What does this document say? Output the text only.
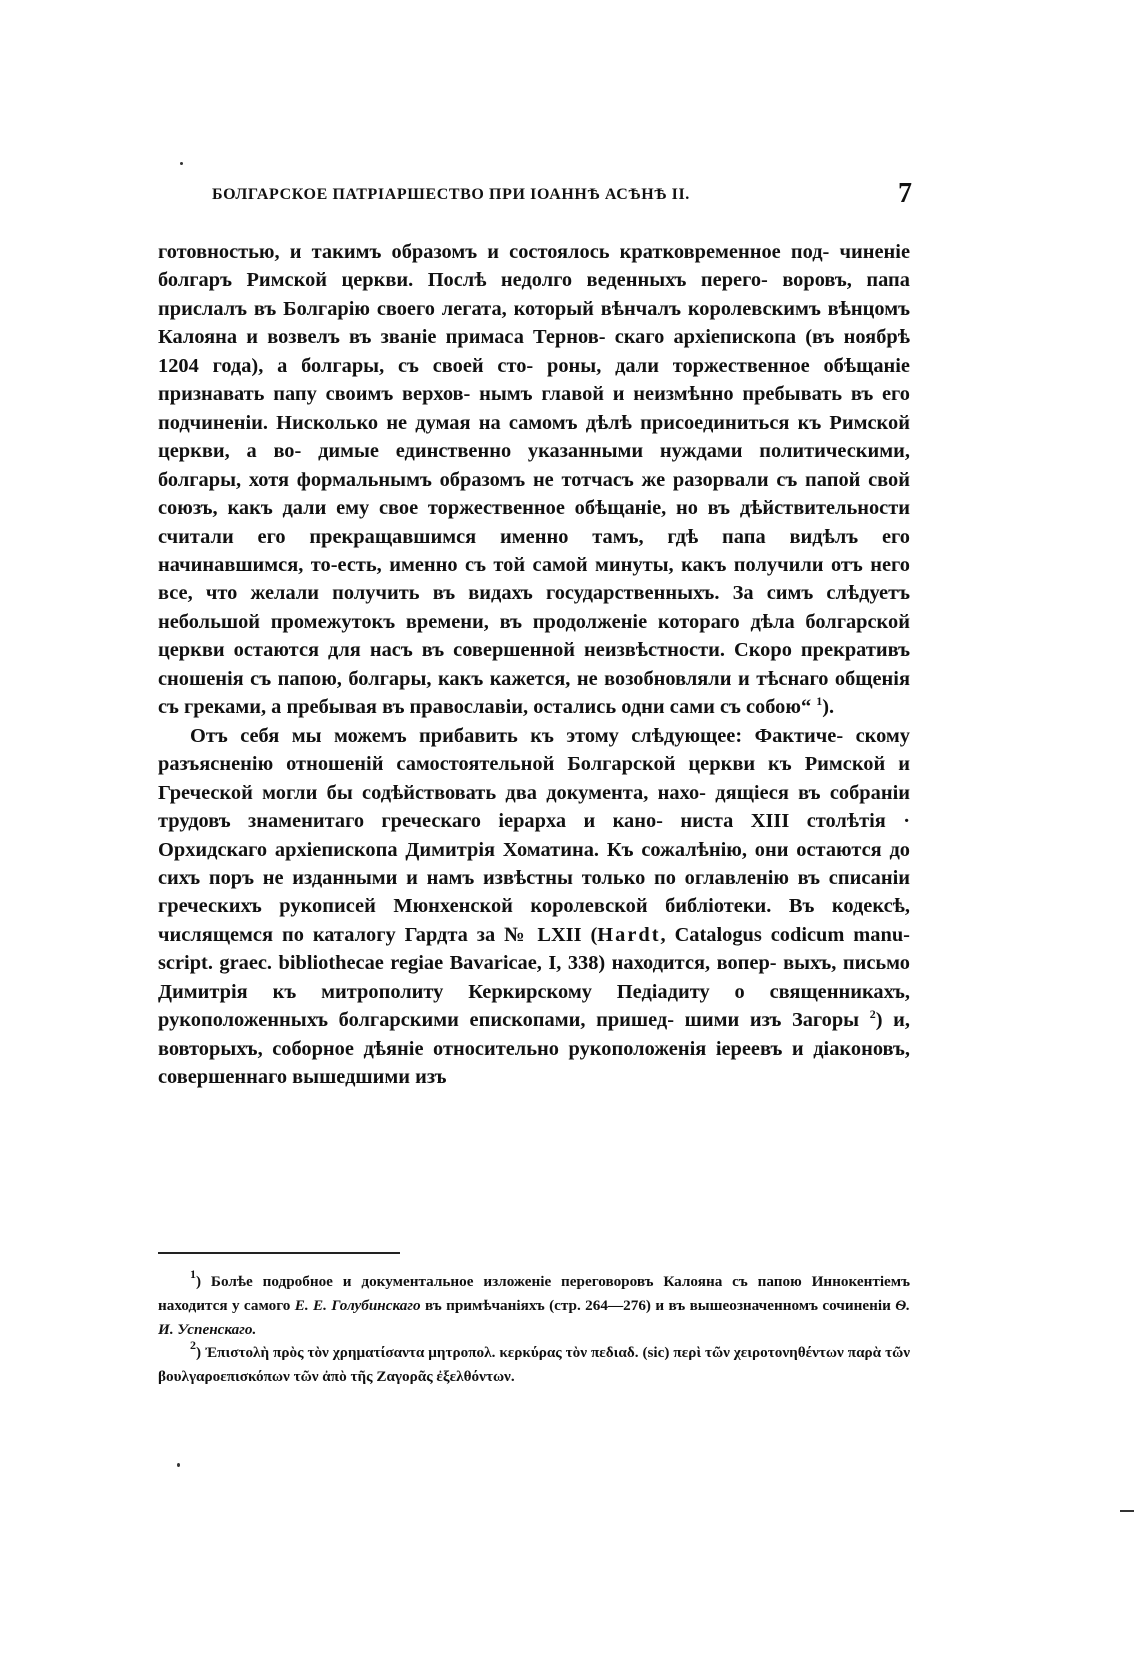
БОЛГАРСКОЕ ПАТРІАРШЕСТВО ПРИ ІОАННѢ АСѢНѢ II.	7

готовностью, и такимъ образомъ и состоялось кратковременное под- чиненіе болгаръ Римской церкви. Послѣ недолго веденныхъ перего- воровъ, папа прислалъ въ Болгарію своего легата, который вѣнчалъ королевскимъ вѣнцомъ Калояна и возвелъ въ званіе примаса Тернов- скаго архіепископа (въ ноябрѣ 1204 года), а болгары, съ своей сто- роны, дали торжественное обѣщаніе признавать папу своимъ верхов- нымъ главой и неизмѣнно пребывать въ его подчиненіи. Нисколько не думая на самомъ дѣлѣ присоединиться къ Римской церкви, а во- димые единственно указанными нуждами политическими, болгары, хотя формальнымъ образомъ не тотчасъ же разорвали съ папой свой союзъ, какъ дали ему свое торжественное обѣщаніе, но въ дѣйствительности считали его прекращавшимся именно тамъ, гдѣ папа видѣлъ его начинавшимся, то-есть, именно съ той самой минуты, какъ получили отъ него все, что желали получить въ видахъ государственныхъ. За симъ слѣдуетъ небольшой промежутокъ времени, въ продолженіе котораго дѣла болгарской церкви остаются для насъ въ совершенной неизвѣстности. Скоро прекративъ сношенія съ папою, болгары, какъ кажется, не возобновляли и тѣснаго общенія съ греками, а пребывая въ православіи, остались одни сами съ собою“ $^1$).

Отъ себя мы можемъ прибавить къ этому слѣдующее: Фактиче- скому разъясненію отношеній самостоятельной Болгарской церкви къ Римской и Греческой могли бы содѣйствовать два документа, нахо- дящіеся въ собраніи трудовъ знаменитаго греческаго іерарха и кано- ниста XIII столѣтія · Орхидскаго архіепископа Димитрія Хоматина. Къ сожалѣнію, они остаются до сихъ поръ не изданными и намъ извѣстны только по оглавленію въ списаніи греческихъ рукописей Мюнхенской королевской библіотеки. Въ кодексѣ, числящемся по каталогу Гардта за № LXII (Hardt, Catalogus codicum manu- script. graec. bibliothecae regiae Bavaricae, I, 338) находится, вопер- выхъ, письмо Димитрія къ митрополиту Керкирскому Педіадиту о священникахъ, рукоположенныхъ болгарскими епископами, пришед- шими изъ Загоры $^2$) и, вовторыхъ, соборное дѣяніе относительно рукоположенія іереевъ и діаконовъ, совершеннаго вышедшими изъ

$^1$) Болѣе подробное и документальное изложеніе переговоровъ Калояна съ папою Иннокентіемъ находится у самого Е. Е. Голубинскаго въ примѣчаніяхъ (стр. 264—276) и въ вышеозначенномъ сочиненіи Ѳ. И. Успенскаго.

$^2$) Ἐπιστολὴ πρὸς τὸν χρηματίσαντα μητροπολ. κερκύρας τὸν πεδιαδ. (sic) περὶ τῶν χειροτονηθέντων παρὰ τῶν βουλγαροεπισκόπων τῶν ἀπὸ τῆς Ζαγορᾶς ἐξελθόντων.
